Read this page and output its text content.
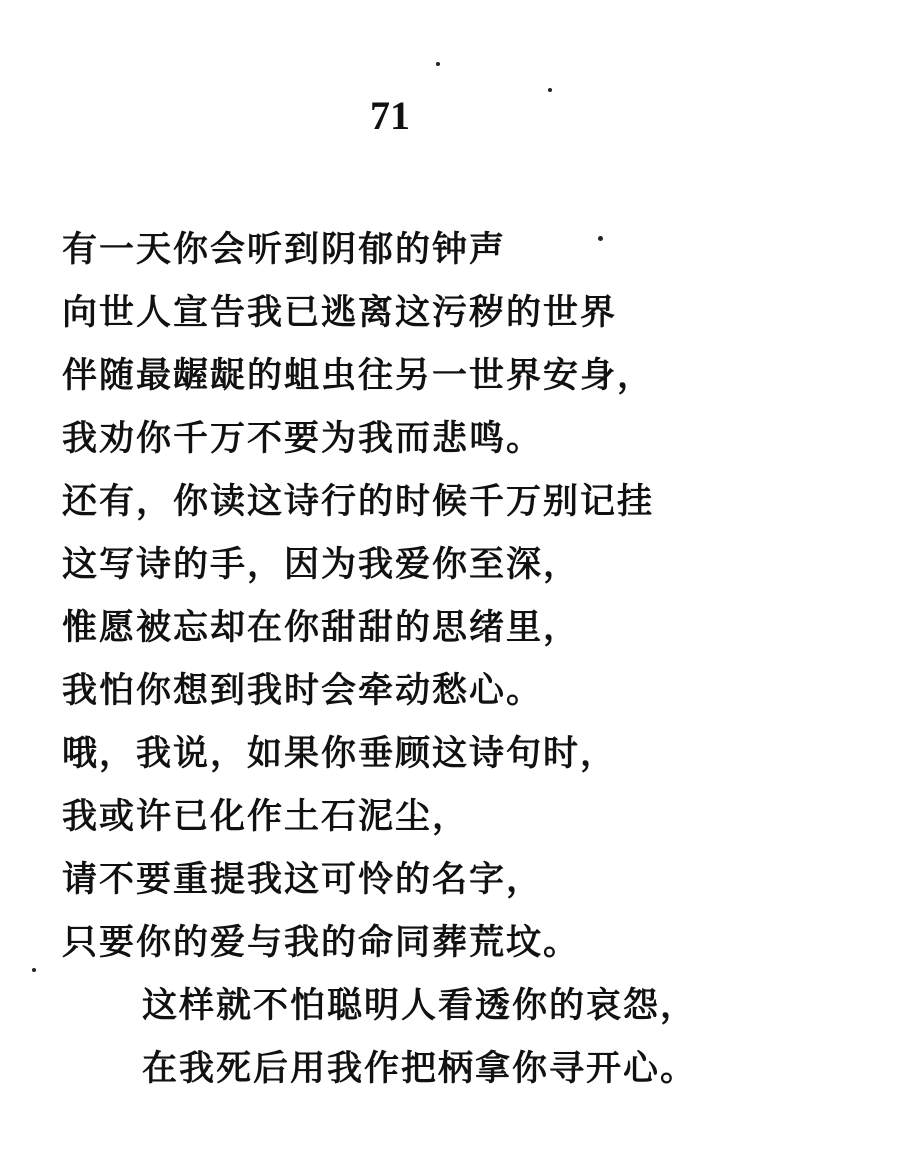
71
有一天你会听到阴郁的钟声
向世人宣告我已逃离这污秽的世界
伴随最龌龊的蛆虫往另一世界安身，
我劝你千万不要为我而悲鸣。
还有，你读这诗行的时候千万别记挂
这写诗的手，因为我爱你至深，
惟愿被忘却在你甜甜的思绪里，
我怕你想到我时会牵动愁心。
哦，我说，如果你垂顾这诗句时，
我或许已化作土石泥尘，
请不要重提我这可怜的名字，
只要你的爱与我的命同葬荒坟。
这样就不怕聪明人看透你的哀怨，
在我死后用我作把柄拿你寻开心。
